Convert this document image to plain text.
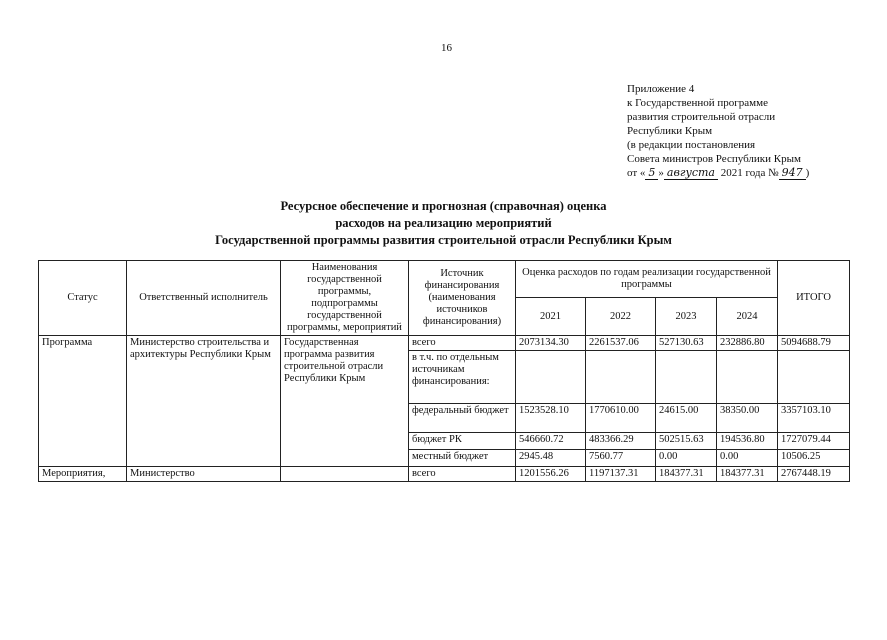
16
Приложение 4
к Государственной программе
развития строительной отрасли
Республики Крым
(в редакции постановления
Совета министров Республики Крым
от « 5 » августа 2021 года № 947 )
Ресурсное обеспечение и прогнозная (справочная) оценка
расходов на реализацию мероприятий
Государственной программы развития строительной отрасли Республики Крым
Статус	Ответственный исполнитель	Наименования государственной программы, подпрограммы государственной программы, мероприятий	Источник финансирования (наименования источников финансирования)	Оценка расходов по годам реализации государственной программы				ИТОГО
				2021	2022	2023	2024	
Программа	Министерство строительства и архитектуры Республики Крым	Государственная программа развития строительной отрасли Республики Крым	всего	2073134.30	2261537.06	527130.63	232886.80	5094688.79
			в т.ч. по отдельным источникам финансирования:					
			федеральный бюджет	1523528.10	1770610.00	24615.00	38350.00	3357103.10
			бюджет РК	546660.72	483366.29	502515.63	194536.80	1727079.44
			местный бюджет	2945.48	7560.77	0.00	0.00	10506.25
Мероприятия,	Министерство		всего	1201556.26	1197137.31	184377.31	184377.31	2767448.19
